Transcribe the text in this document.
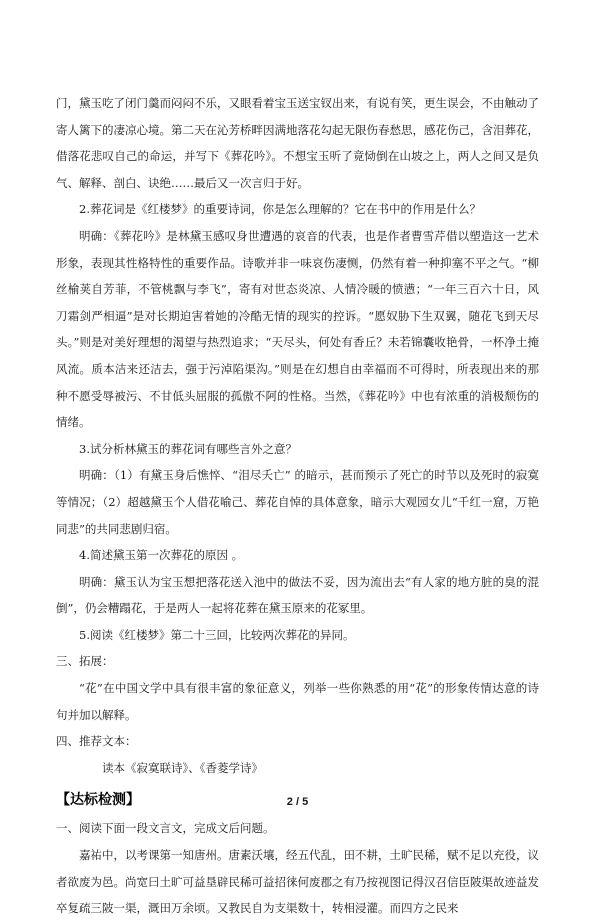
门，黛玉吃了闭门羹而闷闷不乐，又眼看着宝玉送宝钗出来，有说有笑，更生误会，不由触动了寄人篱下的凄凉心境。第二天在沁芳桥畔因满地落花勾起无限伤春愁思，感花伤己，含泪葬花，借落花悲叹自己的命运，并写下《葬花吟》。不想宝玉听了竟恸倒在山坡之上，两人之间又是负气、解释、剖白、诀绝……最后又一次言归于好。

2.葬花词是《红楼梦》的重要诗词，你是怎么理解的？它在书中的作用是什么？

明确：《葬花吟》是林黛玉感叹身世遭遇的哀音的代表，也是作者曹雪芹借以塑造这一艺术形象，表现其性格特性的重要作品。诗歌并非一味哀伤凄恻，仍然有着一种抑塞不平之气。“柳丝榆荚自芳菲，不管桃飘与李飞”，寄有对世态炎凉、人情冷暖的愤懑；“一年三百六十日，风刀霜剑严相逼”是对长期迫害着她的冷酷无情的现实的控诉。“愿奴胁下生双翼，随花飞到天尽头。”则是对美好理想的渴望与热烈追求；“天尽头，何处有香丘？未若锦囊收艳骨，一杯净土掩风流。质本洁来还洁去，强于污淖陷渠沟。”则是在幻想自由幸福而不可得时，所表现出来的那种不愿受辱被污、不甘低头屈服的孤傲不阿的性格。当然，《葬花吟》中也有浓重的消极颓伤的情绪。

3.试分析林黛玉的葬花词有哪些言外之意？

明确：（1）有黛玉身后憔悴、“泪尽夭亡” 的暗示，甚而预示了死亡的时节以及死时的寂寞等情况；（2）超越黛玉个人借花喻己、葬花自悼的具体意象，暗示大观园女儿“千红一窟，万艳同悲”的共同悲剧归宿。

4.简述黛玉第一次葬花的原因 。

明确：黛玉认为宝玉想把落花送入池中的做法不妥，因为流出去“有人家的地方脏的臭的混倒”，仍会糟蹋花，于是两人一起将花葬在黛玉原来的花冢里。

5.阅读《红楼梦》第二十三回，比较两次葬花的异同。

三、拓展：

“花”在中国文学中具有很丰富的象征意义，列举一些你熟悉的用“花”的形象传情达意的诗句并加以解释。

四、推荐文本：

读本《寂寞联诗》、《香菱学诗》

【达标检测】

一、阅读下面一段文言文，完成文后问题。

嘉祐中，以考课第一知唐州。唐素沃壤，经五代乱，田不耕，土旷民稀，赋不足以充役，议者欲废为邑。尚宽曰土旷可益垦辟民稀可益招徕何废郡之有乃按视图记得汉召信臣陂渠故迹益发卒复疏三陂一渠，溉田万余顷。又教民自为支渠数十，转相浸灌。而四方之民来

2 / 5
